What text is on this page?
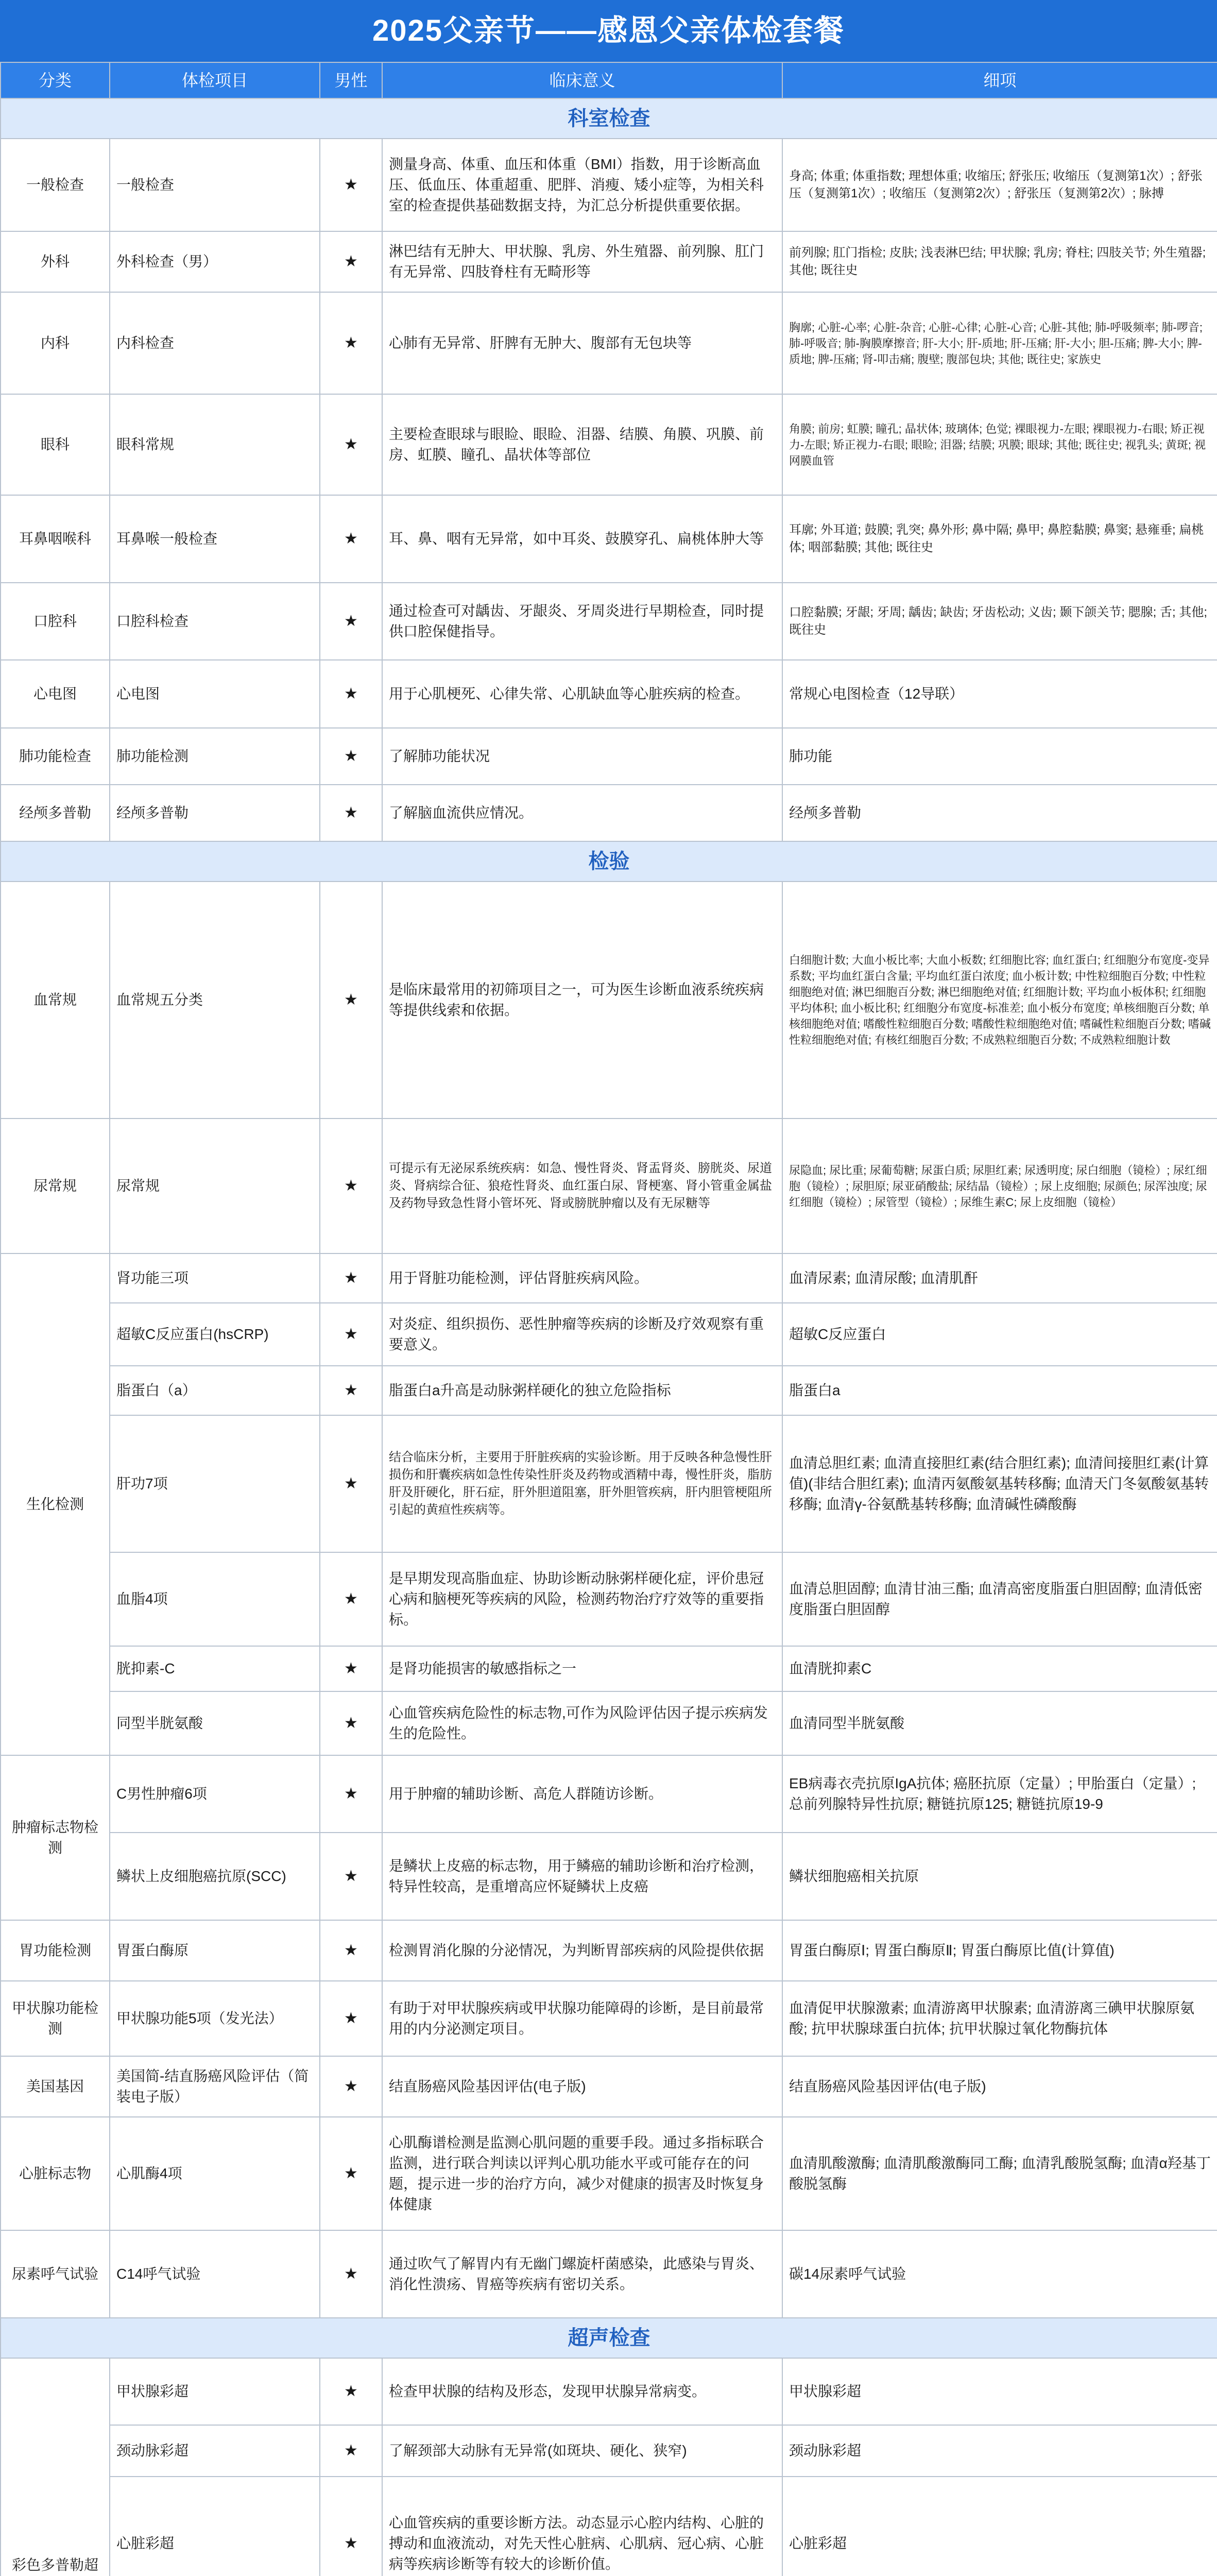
2025父亲节——感恩父亲体检套餐
分类	体检项目	男性	临床意义	细项
科室检查				
一般检查	一般检查	★	测量身高、体重、血压和体重（BMI）指数，用于诊断高血压、低血压、体重超重、肥胖、消瘦、矮小症等，为相关科室的检查提供基础数据支持，为汇总分析提供重要依据。	身高; 体重; 体重指数; 理想体重; 收缩压; 舒张压; 收缩压（复测第1次）; 舒张压（复测第1次）; 收缩压（复测第2次）; 舒张压（复测第2次）; 脉搏
外科	外科检查（男）	★	淋巴结有无肿大、甲状腺、乳房、外生殖器、前列腺、肛门有无异常、四肢脊柱有无畸形等	前列腺; 肛门指检; 皮肤; 浅表淋巴结; 甲状腺; 乳房; 脊柱; 四肢关节; 外生殖器; 其他; 既往史
内科	内科检查	★	心肺有无异常、肝脾有无肿大、腹部有无包块等	胸廓; 心脏-心率; 心脏-杂音; 心脏-心律; 心脏-心音; 心脏-其他; 肺-呼吸频率; 肺-啰音; 肺-呼吸音; 肺-胸膜摩擦音; 肝-大小; 肝-质地; 肝-压痛; 肝-大小; 胆-压痛; 脾-大小; 脾-质地; 脾-压痛; 肾-叩击痛; 腹壁; 腹部包块; 其他; 既往史; 家族史
眼科	眼科常规	★	主要检查眼球与眼睑、眼睑、泪器、结膜、角膜、巩膜、前房、虹膜、瞳孔、晶状体等部位	角膜; 前房; 虹膜; 瞳孔; 晶状体; 玻璃体; 色觉; 裸眼视力-左眼; 裸眼视力-右眼; 矫正视力-左眼; 矫正视力-右眼; 眼睑; 泪器; 结膜; 巩膜; 眼球; 其他; 既往史; 视乳头; 黄斑; 视网膜血管
耳鼻咽喉科	耳鼻喉一般检查	★	耳、鼻、咽有无异常，如中耳炎、鼓膜穿孔、扁桃体肿大等	耳廓; 外耳道; 鼓膜; 乳突; 鼻外形; 鼻中隔; 鼻甲; 鼻腔黏膜; 鼻窦; 悬雍垂; 扁桃体; 咽部黏膜; 其他; 既往史
口腔科	口腔科检查	★	通过检查可对龋齿、牙龈炎、牙周炎进行早期检查，同时提供口腔保健指导。	口腔黏膜; 牙龈; 牙周; 龋齿; 缺齿; 牙齿松动; 义齿; 颞下颌关节; 腮腺; 舌; 其他; 既往史
心电图	心电图	★	用于心肌梗死、心律失常、心肌缺血等心脏疾病的检查。	常规心电图检查（12导联）
肺功能检查	肺功能检测	★	了解肺功能状况	肺功能
经颅多普勒	经颅多普勒	★	了解脑血流供应情况。	经颅多普勒
检验				
血常规	血常规五分类	★	是临床最常用的初筛项目之一，可为医生诊断血液系统疾病等提供线索和依据。	白细胞计数; 大血小板比率; 大血小板数; 红细胞比容; 血红蛋白; 红细胞分布宽度-变异系数; 平均血红蛋白含量; 平均血红蛋白浓度; 血小板计数; 中性粒细胞百分数; 中性粒细胞绝对值; 淋巴细胞百分数; 淋巴细胞绝对值; 红细胞计数; 平均血小板体积; 红细胞平均体积; 血小板比积; 红细胞分布宽度-标准差; 血小板分布宽度; 单核细胞百分数; 单核细胞绝对值; 嗜酸性粒细胞百分数; 嗜酸性粒细胞绝对值; 嗜碱性粒细胞百分数; 嗜碱性粒细胞绝对值; 有核红细胞百分数; 不成熟粒细胞百分数; 不成熟粒细胞计数
尿常规	尿常规	★	可提示有无泌尿系统疾病：如急、慢性肾炎、肾盂肾炎、膀胱炎、尿道炎、肾病综合征、狼疮性肾炎、血红蛋白尿、肾梗塞、肾小管重金属盐及药物导致急性肾小管坏死、肾或膀胱肿瘤以及有无尿糖等	尿隐血; 尿比重; 尿葡萄糖; 尿蛋白质; 尿胆红素; 尿透明度; 尿白细胞（镜检）; 尿红细胞（镜检）; 尿胆原; 尿亚硝酸盐; 尿结晶（镜检）; 尿上皮细胞; 尿颜色; 尿浑浊度; 尿红细胞（镜检）; 尿管型（镜检）; 尿维生素C; 尿上皮细胞（镜检）
生化检测	肾功能三项	★	用于肾脏功能检测，评估肾脏疾病风险。	血清尿素; 血清尿酸; 血清肌酐
	超敏C反应蛋白(hsCRP)	★	对炎症、组织损伤、恶性肿瘤等疾病的诊断及疗效观察有重要意义。	超敏C反应蛋白
	脂蛋白（a）	★	脂蛋白a升高是动脉粥样硬化的独立危险指标	脂蛋白a
	肝功7项	★	结合临床分析，主要用于肝脏疾病的实验诊断。用于反映各种急慢性肝损伤和肝囊疾病如急性传染性肝炎及药物或酒精中毒，慢性肝炎，脂肪肝及肝硬化，肝石症，肝外胆道阻塞，肝外胆管疾病，肝内胆管梗阻所引起的黄疸性疾病等。	血清总胆红素; 血清直接胆红素(结合胆红素); 血清间接胆红素(计算值)(非结合胆红素); 血清丙氨酸氨基转移酶; 血清天门冬氨酸氨基转移酶; 血清γ-谷氨酰基转移酶; 血清碱性磷酸酶
	血脂4项	★	是早期发现高脂血症、协助诊断动脉粥样硬化症，评价患冠心病和脑梗死等疾病的风险，检测药物治疗疗效等的重要指标。	血清总胆固醇; 血清甘油三酯; 血清高密度脂蛋白胆固醇; 血清低密度脂蛋白胆固醇
	胱抑素-C	★	是肾功能损害的敏感指标之一	血清胱抑素C
	同型半胱氨酸	★	心血管疾病危险性的标志物,可作为风险评估因子提示疾病发生的危险性。	血清同型半胱氨酸
肿瘤标志物检测	C男性肿瘤6项	★	用于肿瘤的辅助诊断、高危人群随访诊断。	EB病毒衣壳抗原IgA抗体; 癌胚抗原（定量）; 甲胎蛋白（定量）; 总前列腺特异性抗原; 糖链抗原125; 糖链抗原19-9
	鳞状上皮细胞癌抗原(SCC)	★	是鳞状上皮癌的标志物，用于鳞癌的辅助诊断和治疗检测，特异性较高，是重增高应怀疑鳞状上皮癌	鳞状细胞癌相关抗原
胃功能检测	胃蛋白酶原	★	检测胃消化腺的分泌情况，为判断胃部疾病的风险提供依据	胃蛋白酶原Ⅰ; 胃蛋白酶原Ⅱ; 胃蛋白酶原比值(计算值)
甲状腺功能检测	甲状腺功能5项（发光法）	★	有助于对甲状腺疾病或甲状腺功能障碍的诊断，是目前最常用的内分泌测定项目。	血清促甲状腺激素; 血清游离甲状腺素; 血清游离三碘甲状腺原氨酸; 抗甲状腺球蛋白抗体; 抗甲状腺过氧化物酶抗体
美国基因	美国简-结直肠癌风险评估（简装电子版）	★	结直肠癌风险基因评估(电子版)	结直肠癌风险基因评估(电子版)
心脏标志物	心肌酶4项	★	心肌酶谱检测是监测心肌问题的重要手段。通过多指标联合监测，进行联合判读以评判心肌功能水平或可能存在的问题，提示进一步的治疗方向，减少对健康的损害及时恢复身体健康	血清肌酸激酶; 血清肌酸激酶同工酶; 血清乳酸脱氢酶; 血清α羟基丁酸脱氢酶
尿素呼气试验	C14呼气试验	★	通过吹气了解胃内有无幽门螺旋杆菌感染，此感染与胃炎、消化性溃疡、胃癌等疾病有密切关系。	碳14尿素呼气试验
超声检查				
彩色多普勒超	甲状腺彩超	★	检查甲状腺的结构及形态，发现甲状腺异常病变。	甲状腺彩超
	颈动脉彩超	★	了解颈部大动脉有无异常(如斑块、硬化、狭窄)	颈动脉彩超
	心脏彩超	★	心血管疾病的重要诊断方法。动态显示心腔内结构、心脏的搏动和血液流动，对先天性心脏病、心肌病、冠心病、心脏病等疾病诊断等有较大的诊断价值。	心脏彩超
